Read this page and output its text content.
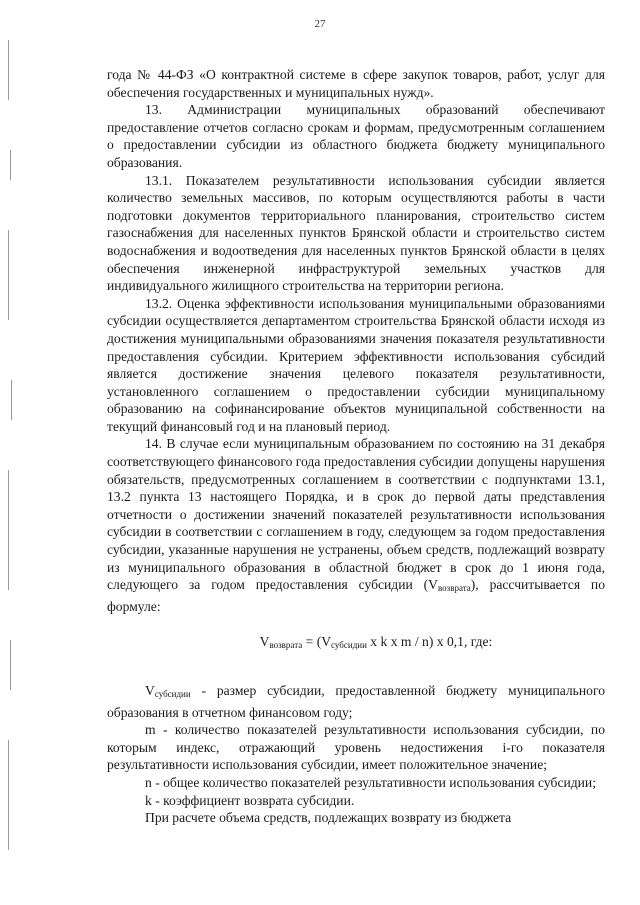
27

года № 44-ФЗ «О контрактной системе в сфере закупок товаров, работ, услуг для обеспечения государственных и муниципальных нужд».

13. Администрации муниципальных образований обеспечивают предоставление отчетов согласно срокам и формам, предусмотренным соглашением о предоставлении субсидии из областного бюджета бюджету муниципального образования.

13.1. Показателем результативности использования субсидии является количество земельных массивов, по которым осуществляются работы в части подготовки документов территориального планирования, строительство систем газоснабжения для населенных пунктов Брянской области и строительство систем водоснабжения и водоотведения для населенных пунктов Брянской области в целях обеспечения инженерной инфраструктурой земельных участков для индивидуального жилищного строительства на территории региона.

13.2. Оценка эффективности использования муниципальными образованиями субсидии осуществляется департаментом строительства Брянской области исходя из достижения муниципальными образованиями значения показателя результативности предоставления субсидии. Критерием эффективности использования субсидий является достижение значения целевого показателя результативности, установленного соглашением о предоставлении субсидии муниципальному образованию на софинансирование объектов муниципальной собственности на текущий финансовый год и на плановый период.

14. В случае если муниципальным образованием по состоянию на 31 декабря соответствующего финансового года предоставления субсидии допущены нарушения обязательств, предусмотренных соглашением в соответствии с подпунктами 13.1, 13.2 пункта 13 настоящего Порядка, и в срок до первой даты представления отчетности о достижении значений показателей результативности использования субсидии в соответствии с соглашением в году, следующем за годом предоставления субсидии, указанные нарушения не устранены, объем средств, подлежащий возврату из муниципального образования в областной бюджет в срок до 1 июня года, следующего за годом предоставления субсидии $(V_{возврата})$, рассчитывается по формуле:

$V_{возврата} = (V_{субсидии}$ x k x m / n) x 0,1, где:

$V_{субсидии}$ - размер субсидии, предоставленной бюджету муниципального образования в отчетном финансовом году;

m - количество показателей результативности использования субсидии, по которым индекс, отражающий уровень недостижения i-го показателя результативности использования субсидии, имеет положительное значение;

n - общее количество показателей результативности использования субсидии;

k - коэффициент возврата субсидии.

При расчете объема средств, подлежащих возврату из бюджета
